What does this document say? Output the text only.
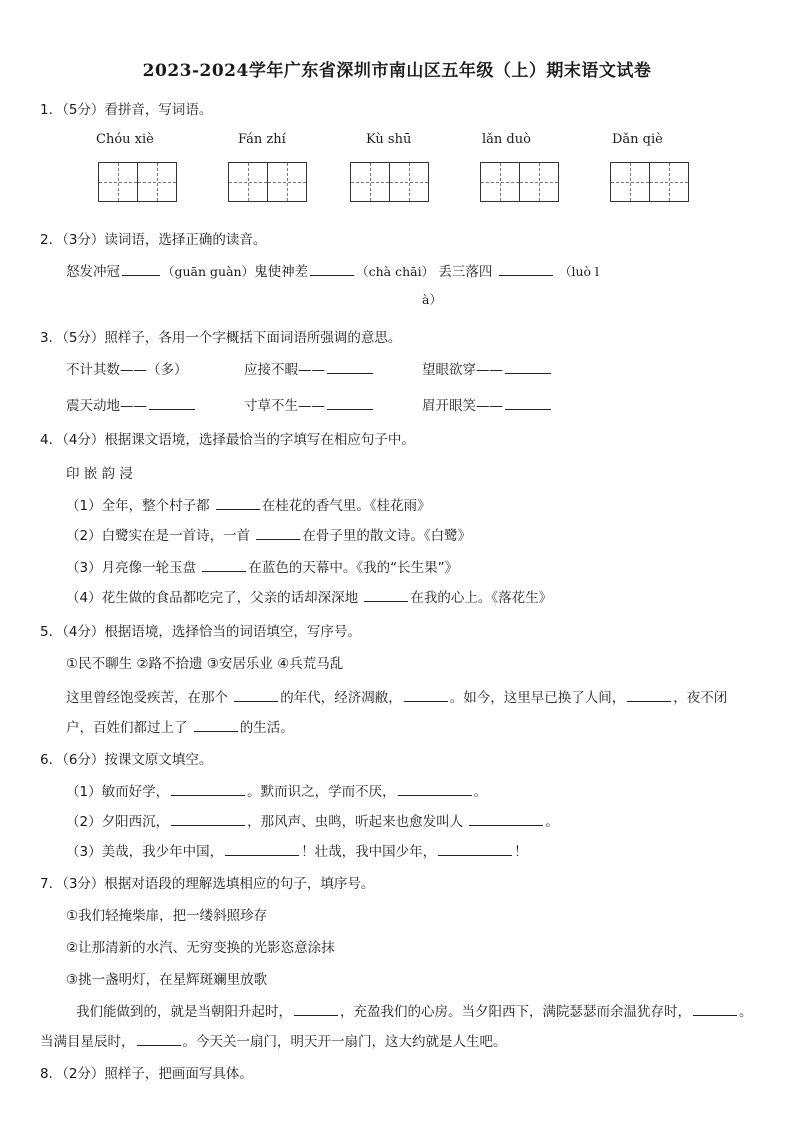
2023-2024学年广东省深圳市南山区五年级（上）期末语文试卷
1．（5分）看拼音，写词语。
Chóu xiè	Fán zhí	Kù shū	lǎn duò	Dǎn qiè
2．（3分）读词语，选择正确的读音。
怒发冲冠	（guān guàn）鬼使神差	（chà chāi） 丢三落四	（luò l
à）
3．（5分）照样子，各用一个字概括下面词语所强调的意思。
不计其数——（多）	应接不暇——	望眼欲穿——
震天动地——	寸草不生——	眉开眼笑——
4．（4分）根据课文语境，选择最恰当的字填写在相应句子中。
印 嵌 韵 浸
（1）全年，整个村子都	在桂花的香气里。《桂花雨》
（2）白鹭实在是一首诗，一首	在骨子里的散文诗。《白鹭》
（3）月亮像一轮玉盘	在蓝色的天幕中。《我的“长生果”》
（4）花生做的食品都吃完了，父亲的话却深深地	在我的心上。《落花生》
5．（4分）根据语境，选择恰当的词语填空，写序号。
①民不聊生 ②路不拾遗 ③安居乐业 ④兵荒马乱
这里曾经饱受疾苦，在那个	的年代，经济凋敝，	。如今，这里早已换了人间，	，夜不闭
户，百姓们都过上了	的生活。
6．（6分）按课文原文填空。
（1）敏而好学，	。默而识之，学而不厌，	。
（2）夕阳西沉，	，那风声、虫鸣，听起来也愈发叫人	。
（3）美哉，我少年中国，	！壮哉，我中国少年，	！
7．（3分）根据对语段的理解选填相应的句子，填序号。
①我们轻掩柴扉，把一缕斜照珍存
②让那清新的水汽、无穷变换的光影恣意涂抹
③挑一盏明灯，在星辉斑斓里放歌
我们能做到的，就是当朝阳升起时，	，充盈我们的心房。当夕阳西下，满院瑟瑟而余温犹存时，	。
当满目星辰时，	。今天关一扇门，明天开一扇门，这大约就是人生吧。
8．（2分）照样子，把画面写具体。
